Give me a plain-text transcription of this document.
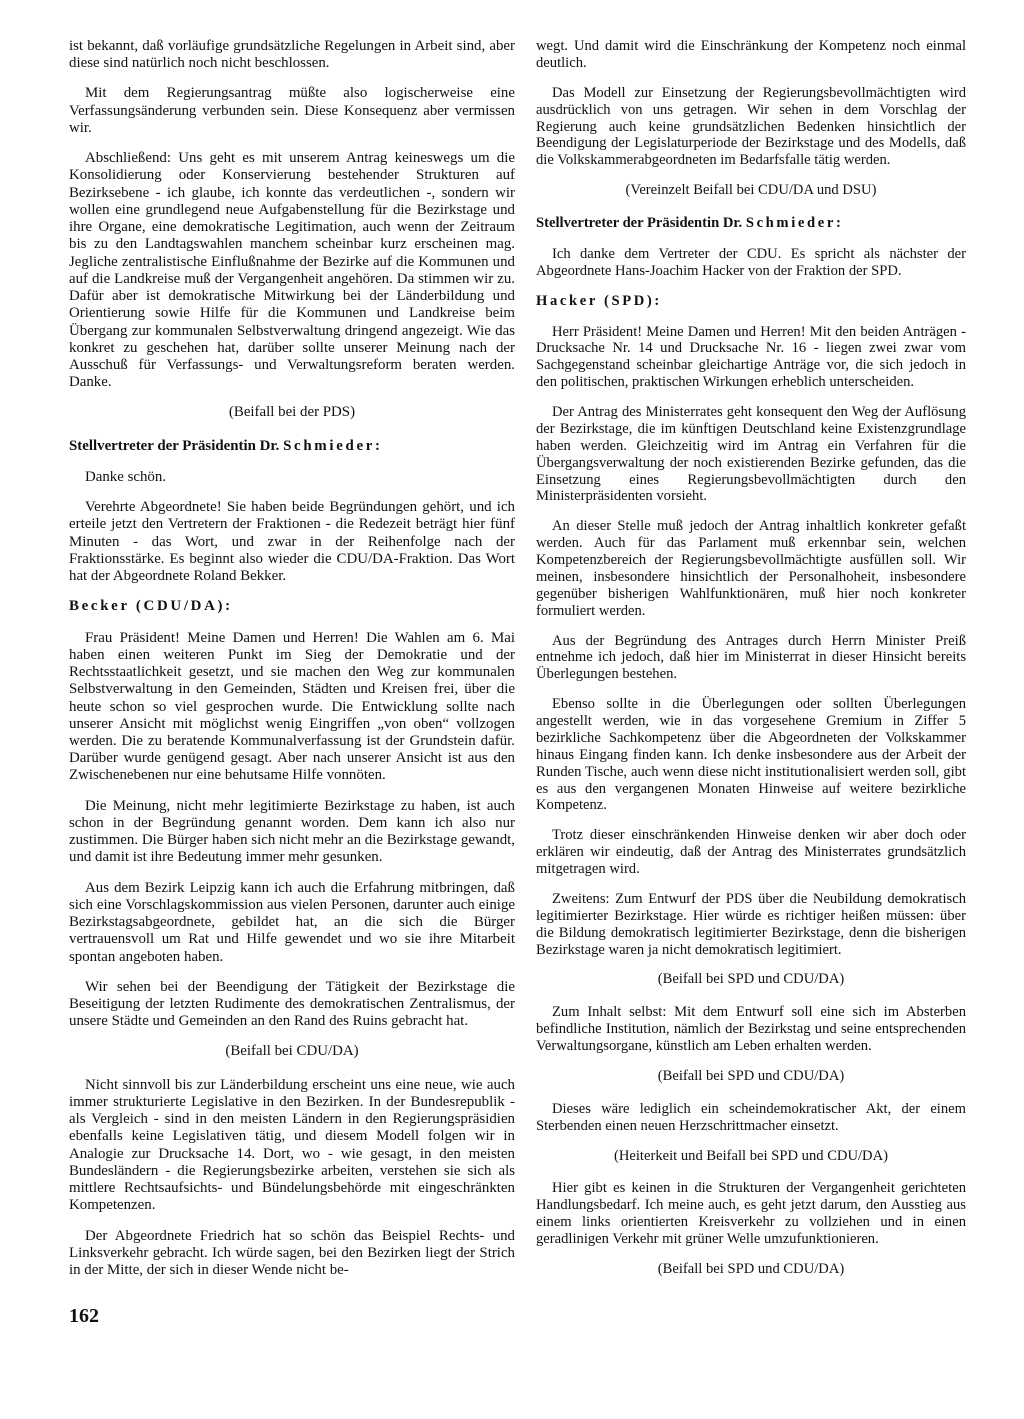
ist bekannt, daß vorläufige grundsätzliche Regelungen in Arbeit sind, aber diese sind natürlich noch nicht beschlossen.

Mit dem Regierungsantrag müßte also logischerweise eine Verfassungsänderung verbunden sein. Diese Konsequenz aber vermissen wir.

Abschließend: Uns geht es mit unserem Antrag keineswegs um die Konsolidierung oder Konservierung bestehender Strukturen auf Bezirksebene - ich glaube, ich konnte das verdeutlichen -, sondern wir wollen eine grundlegend neue Aufgabenstellung für die Bezirkstage und ihre Organe, eine demokratische Legitimation, auch wenn der Zeitraum bis zu den Landtagswahlen manchem scheinbar kurz erscheinen mag. Jegliche zentralistische Einflußnahme der Bezirke auf die Kommunen und auf die Landkreise muß der Vergangenheit angehören. Da stimmen wir zu. Dafür aber ist demokratische Mitwirkung bei der Länderbildung und Orientierung sowie Hilfe für die Kommunen und Landkreise beim Übergang zur kommunalen Selbstverwaltung dringend angezeigt. Wie das konkret zu geschehen hat, darüber sollte unserer Meinung nach der Ausschuß für Verfassungs- und Verwaltungsreform beraten werden. Danke.

(Beifall bei der PDS)

Stellvertreter der Präsidentin Dr. Schmieder:

Danke schön.

Verehrte Abgeordnete! Sie haben beide Begründungen gehört, und ich erteile jetzt den Vertretern der Fraktionen - die Redezeit beträgt hier fünf Minuten - das Wort, und zwar in der Reihenfolge nach der Fraktionsstärke. Es beginnt also wieder die CDU/DA-Fraktion. Das Wort hat der Abgeordnete Roland Bekker.

Becker (CDU/DA):

Frau Präsident! Meine Damen und Herren! Die Wahlen am 6. Mai haben einen weiteren Punkt im Sieg der Demokratie und der Rechtsstaatlichkeit gesetzt, und sie machen den Weg zur kommunalen Selbstverwaltung in den Gemeinden, Städten und Kreisen frei, über die heute schon so viel gesprochen wurde. Die Entwicklung sollte nach unserer Ansicht mit möglichst wenig Eingriffen „von oben“ vollzogen werden. Die zu beratende Kommunalverfassung ist der Grundstein dafür. Darüber wurde genügend gesagt. Aber nach unserer Ansicht ist aus den Zwischenebenen nur eine behutsame Hilfe vonnöten.

Die Meinung, nicht mehr legitimierte Bezirkstage zu haben, ist auch schon in der Begründung genannt worden. Dem kann ich also nur zustimmen. Die Bürger haben sich nicht mehr an die Bezirkstage gewandt, und damit ist ihre Bedeutung immer mehr gesunken.

Aus dem Bezirk Leipzig kann ich auch die Erfahrung mitbringen, daß sich eine Vorschlagskommission aus vielen Personen, darunter auch einige Bezirkstagsabgeordnete, gebildet hat, an die sich die Bürger vertrauensvoll um Rat und Hilfe gewendet und wo sie ihre Mitarbeit spontan angeboten haben.

Wir sehen bei der Beendigung der Tätigkeit der Bezirkstage die Beseitigung der letzten Rudimente des demokratischen Zentralismus, der unsere Städte und Gemeinden an den Rand des Ruins gebracht hat.

(Beifall bei CDU/DA)

Nicht sinnvoll bis zur Länderbildung erscheint uns eine neue, wie auch immer strukturierte Legislative in den Bezirken. In der Bundesrepublik - als Vergleich - sind in den meisten Ländern in den Regierungspräsidien ebenfalls keine Legislativen tätig, und diesem Modell folgen wir in Analogie zur Drucksache 14. Dort, wo - wie gesagt, in den meisten Bundesländern - die Regierungsbezirke arbeiten, verstehen sie sich als mittlere Rechtsaufsichts- und Bündelungsbehörde mit eingeschränkten Kompetenzen.

Der Abgeordnete Friedrich hat so schön das Beispiel Rechts- und Linksverkehr gebracht. Ich würde sagen, bei den Bezirken liegt der Strich in der Mitte, der sich in dieser Wende nicht be-

wegt. Und damit wird die Einschränkung der Kompetenz noch einmal deutlich.

Das Modell zur Einsetzung der Regierungsbevollmächtigten wird ausdrücklich von uns getragen. Wir sehen in dem Vorschlag der Regierung auch keine grundsätzlichen Bedenken hinsichtlich der Beendigung der Legislaturperiode der Bezirkstage und des Modells, daß die Volkskammerabgeordneten im Bedarfsfalle tätig werden.

(Vereinzelt Beifall bei CDU/DA und DSU)

Stellvertreter der Präsidentin Dr. Schmieder:

Ich danke dem Vertreter der CDU. Es spricht als nächster der Abgeordnete Hans-Joachim Hacker von der Fraktion der SPD.

Hacker (SPD):

Herr Präsident! Meine Damen und Herren! Mit den beiden Anträgen - Drucksache Nr. 14 und Drucksache Nr. 16 - liegen zwei zwar vom Sachgegenstand scheinbar gleichartige Anträge vor, die sich jedoch in den politischen, praktischen Wirkungen erheblich unterscheiden.

Der Antrag des Ministerrates geht konsequent den Weg der Auflösung der Bezirkstage, die im künftigen Deutschland keine Existenzgrundlage haben werden. Gleichzeitig wird im Antrag ein Verfahren für die Übergangsverwaltung der noch existierenden Bezirke gefunden, das die Einsetzung eines Regierungsbevollmächtigten durch den Ministerpräsidenten vorsieht.

An dieser Stelle muß jedoch der Antrag inhaltlich konkreter gefaßt werden. Auch für das Parlament muß erkennbar sein, welchen Kompetenzbereich der Regierungsbevollmächtigte ausfüllen soll. Wir meinen, insbesondere hinsichtlich der Personalhoheit, insbesondere gegenüber bisherigen Wahlfunktionären, muß hier noch konkreter formuliert werden.

Aus der Begründung des Antrages durch Herrn Minister Preiß entnehme ich jedoch, daß hier im Ministerrat in dieser Hinsicht bereits Überlegungen bestehen.

Ebenso sollte in die Überlegungen oder sollten Überlegungen angestellt werden, wie in das vorgesehene Gremium in Ziffer 5 bezirkliche Sachkompetenz über die Abgeordneten der Volkskammer hinaus Eingang finden kann. Ich denke insbesondere aus der Arbeit der Runden Tische, auch wenn diese nicht institutionalisiert werden soll, gibt es aus den vergangenen Monaten Hinweise auf weitere bezirkliche Kompetenz.

Trotz dieser einschränkenden Hinweise denken wir aber doch oder erklären wir eindeutig, daß der Antrag des Ministerrates grundsätzlich mitgetragen wird.

Zweitens: Zum Entwurf der PDS über die Neubildung demokratisch legitimierter Bezirkstage. Hier würde es richtiger heißen müssen: über die Bildung demokratisch legitimierter Bezirkstage, denn die bisherigen Bezirkstage waren ja nicht demokratisch legitimiert.

(Beifall bei SPD und CDU/DA)

Zum Inhalt selbst: Mit dem Entwurf soll eine sich im Absterben befindliche Institution, nämlich der Bezirkstag und seine entsprechenden Verwaltungsorgane, künstlich am Leben erhalten werden.

(Beifall bei SPD und CDU/DA)

Dieses wäre lediglich ein scheindemokratischer Akt, der einem Sterbenden einen neuen Herzschrittmacher einsetzt.

(Heiterkeit und Beifall bei SPD und CDU/DA)

Hier gibt es keinen in die Strukturen der Vergangenheit gerichteten Handlungsbedarf. Ich meine auch, es geht jetzt darum, den Ausstieg aus einem links orientierten Kreisverkehr zu vollziehen und in einen geradlinigen Verkehr mit grüner Welle umzufunktionieren.

(Beifall bei SPD und CDU/DA)

162
